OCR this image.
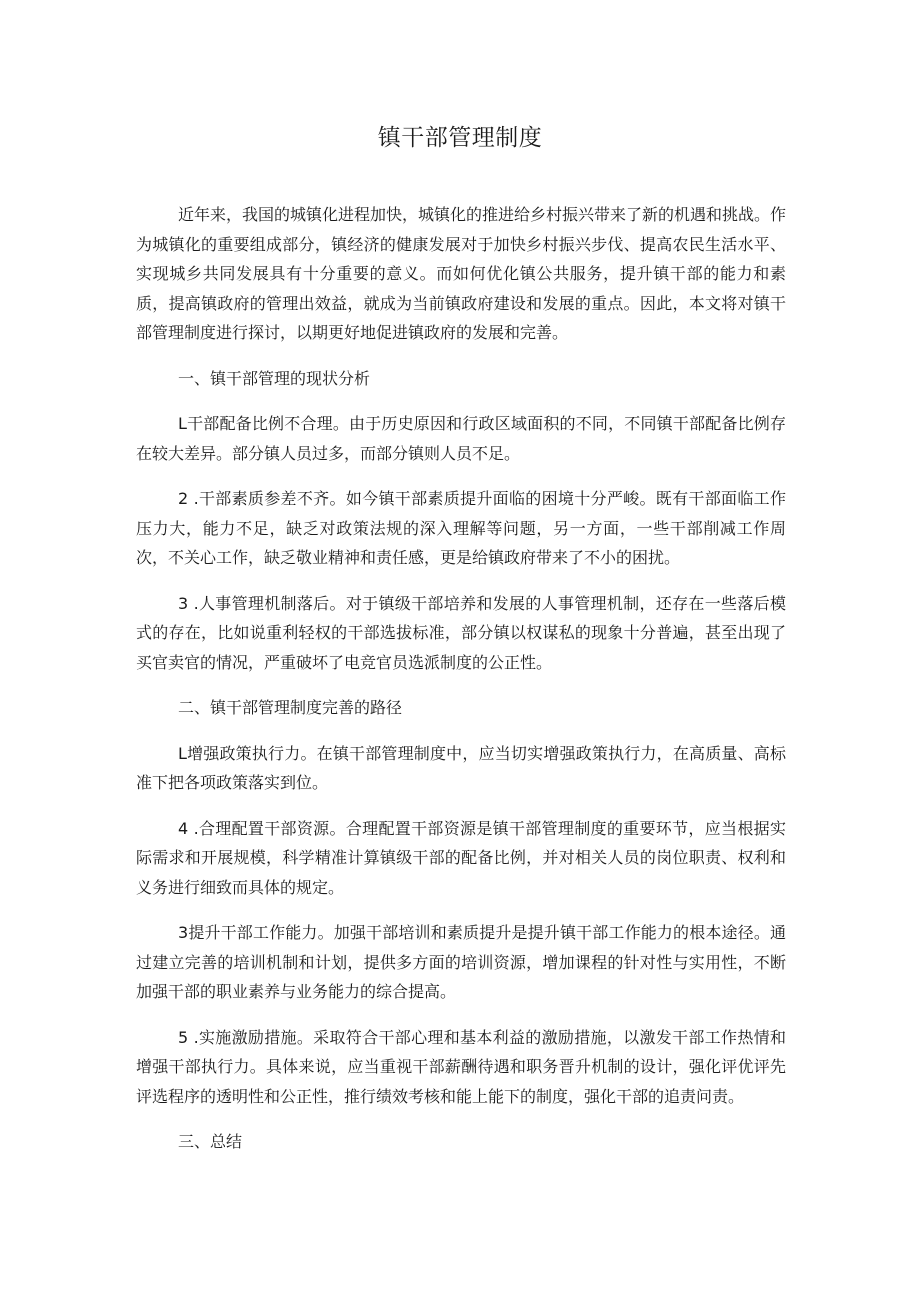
镇干部管理制度

近年来，我国的城镇化进程加快，城镇化的推进给乡村振兴带来了新的机遇和挑战。作为城镇化的重要组成部分，镇经济的健康发展对于加快乡村振兴步伐、提高农民生活水平、实现城乡共同发展具有十分重要的意义。而如何优化镇公共服务，提升镇干部的能力和素质，提高镇政府的管理出效益，就成为当前镇政府建设和发展的重点。因此，本文将对镇干部管理制度进行探讨，以期更好地促进镇政府的发展和完善。

一、镇干部管理的现状分析

L干部配备比例不合理。由于历史原因和行政区域面积的不同，不同镇干部配备比例存在较大差异。部分镇人员过多，而部分镇则人员不足。

2 .干部素质参差不齐。如今镇干部素质提升面临的困境十分严峻。既有干部面临工作压力大，能力不足，缺乏对政策法规的深入理解等问题，另一方面，一些干部削减工作周次，不关心工作，缺乏敬业精神和责任感，更是给镇政府带来了不小的困扰。

3 .人事管理机制落后。对于镇级干部培养和发展的人事管理机制，还存在一些落后模式的存在，比如说重利轻权的干部选拔标准，部分镇以权谋私的现象十分普遍，甚至出现了买官卖官的情况，严重破坏了电竞官员选派制度的公正性。

二、镇干部管理制度完善的路径

L增强政策执行力。在镇干部管理制度中，应当切实增强政策执行力，在高质量、高标准下把各项政策落实到位。

4 .合理配置干部资源。合理配置干部资源是镇干部管理制度的重要环节，应当根据实际需求和开展规模，科学精准计算镇级干部的配备比例，并对相关人员的岗位职责、权利和义务进行细致而具体的规定。

3提升干部工作能力。加强干部培训和素质提升是提升镇干部工作能力的根本途径。通过建立完善的培训机制和计划，提供多方面的培训资源，增加课程的针对性与实用性，不断加强干部的职业素养与业务能力的综合提高。

5 .实施激励措施。采取符合干部心理和基本利益的激励措施，以激发干部工作热情和增强干部执行力。具体来说，应当重视干部薪酬待遇和职务晋升机制的设计，强化评优评先评选程序的透明性和公正性，推行绩效考核和能上能下的制度，强化干部的追责问责。

三、总结
